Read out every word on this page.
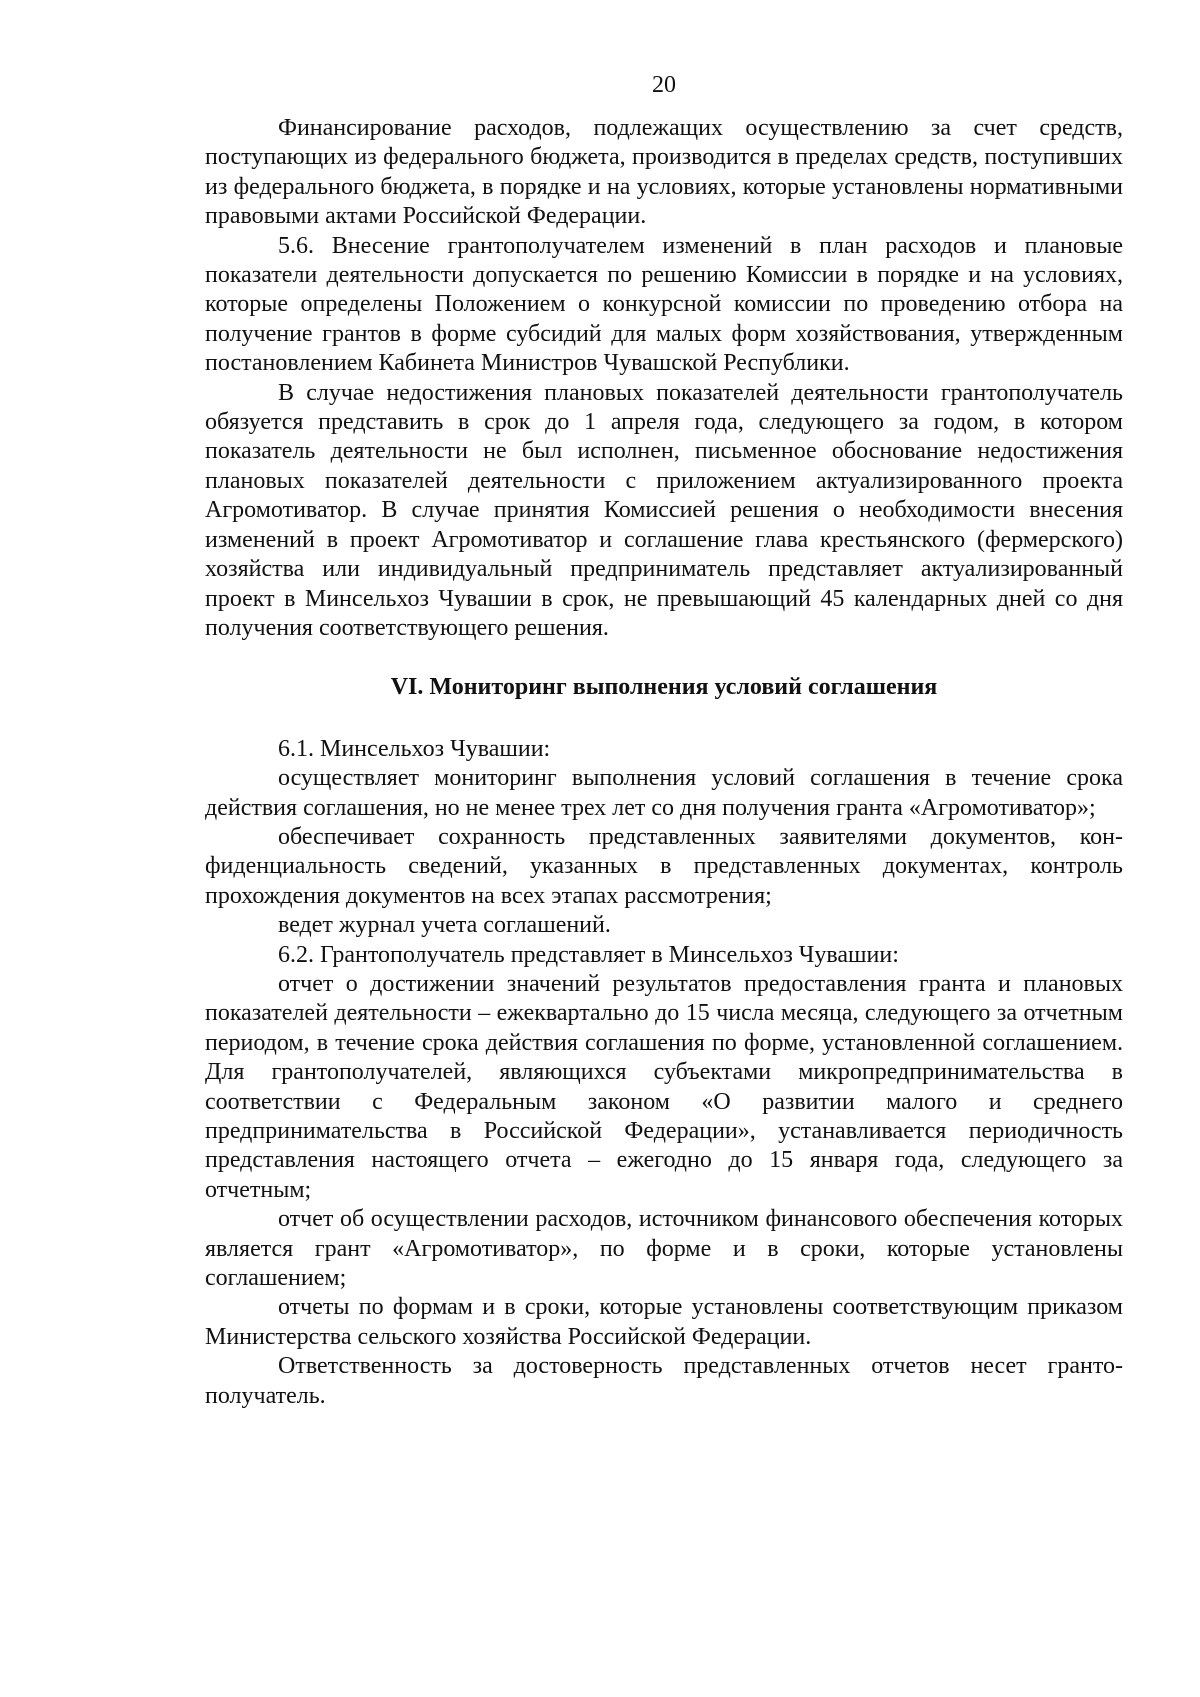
20

Финансирование расходов, подлежащих осуществлению за счет средств, поступающих из федерального бюджета, производится в пределах средств, поступивших из федерального бюджета, в порядке и на условиях, которые установлены нормативными правовыми актами Российской Федерации.

5.6. Внесение грантополучателем изменений в план расходов и плановые показатели деятельности допускается по решению Комиссии в порядке и на условиях, которые определены Положением о конкурсной комиссии по проведению отбора на получение грантов в форме субсидий для малых форм хозяйствования, утвержденным постановлением Кабинета Министров Чувашской Республики.

В случае недостижения плановых показателей деятельности грантополучатель обязуется представить в срок до 1 апреля года, следующего за годом, в котором показатель деятельности не был исполнен, письменное обоснование недостижения плановых показателей деятельности с приложением актуализированного проекта Агромотиватор. В случае принятия Комиссией решения о необходимости внесения изменений в проект Агромотиватор и соглашение глава крестьянского (фермерского) хозяйства или индивидуальный предприниматель представляет актуализированный проект в Минсельхоз Чувашии в срок, не превышающий 45 календарных дней со дня получения соответствующего решения.

VI. Мониторинг выполнения условий соглашения

6.1. Минсельхоз Чувашии:

осуществляет мониторинг выполнения условий соглашения в течение срока действия соглашения, но не менее трех лет со дня получения гранта «Агромотиватор»;

обеспечивает сохранность представленных заявителями документов, конфиденциальность сведений, указанных в представленных документах, контроль прохождения документов на всех этапах рассмотрения;

ведет журнал учета соглашений.

6.2. Грантополучатель представляет в Минсельхоз Чувашии:

отчет о достижении значений результатов предоставления гранта и плановых показателей деятельности – ежеквартально до 15 числа месяца, следующего за отчетным периодом, в течение срока действия соглашения по форме, установленной соглашением. Для грантополучателей, являющихся субъектами микропредпринимательства в соответствии с Федеральным законом «О развитии малого и среднего предпринимательства в Российской Федерации», устанавливается периодичность представления настоящего отчета – ежегодно до 15 января года, следующего за отчетным;

отчет об осуществлении расходов, источником финансового обеспечения которых является грант «Агромотиватор», по форме и в сроки, которые установлены соглашением;

отчеты по формам и в сроки, которые установлены соответствующим приказом Министерства сельского хозяйства Российской Федерации.

Ответственность за достоверность представленных отчетов несет грантополучатель.
